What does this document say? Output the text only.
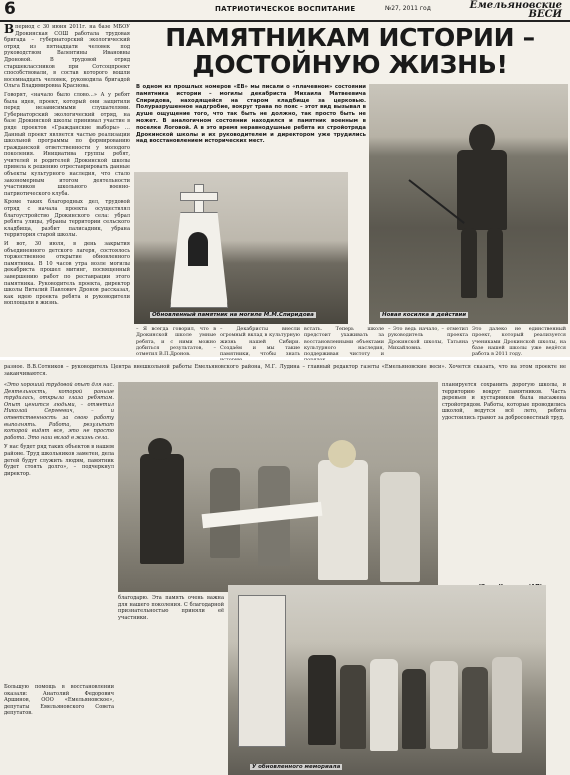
6	ПАТРИОТИЧЕСКОЕ ВОСПИТАНИЕ	№27, 2011 год	Емельяновские
ВЕСИ

Впериод с 30 июня 2011г. на базе МБОУ Дрокинская СОШ работала трудовая бригада – губернаторский экологический отряд из пятнадцати человек под руководством Валентины Ивановны Дроновой. В трудовой отряд старшеклассников при Сотсоцпроект способствовали, в состав которого вошли восемнадцать человек, руководила бригадой Ольга Владимировна Краснова.

Говорят, «начало было слово…» А у ребят была идея, проект, который они защитили перед независимыми слушателями. Губернаторский экологический отряд, на базе Дрокинской школы принимал участие в ряде проектов «Гражданские выборы» …Данный проект является частью реализации школьной программы по формированию гражданской ответственности у молодого поколения. Инициатива группы ребят, учителей и родителей Дрокинской школы привела к решению отреставрировать данные объекты культурного наследия, что стало закономерным итогом деятельности участников школьного военно-патриотического клуба.

Кроме таких благородных дел, трудовой отряд с начала проекта осуществлял благоустройство Дрокинского села: убрал ребята улицы, убраны территории сельского кладбища, разбит палисадник, убрана территория старой школы.

И вот, 30 июля, в день закрытия объединенного детского лагеря, состоялось торжественное открытие обновленного памятника. В 10 часов утра возле могилы декабриста прошел митинг, посвященный завершению работ по реставрации этого памятника. Руководитель проекта, директор школы Виталий Павлович Дронов рассказал, как идею проекта ребята и руководители воплощали в жизнь.

ПАМЯТНИКАМ ИСТОРИИ – ДОСТОЙНУЮ ЖИЗНЬ!

В одном из прошлых номеров «ЕВ» мы писали о «плачевном» состоянии памятника истории – могилы декабриста Михаила Матвеевича Спиридова, находящейся на старом кладбище за церковью. Полуразрушенное надгробие, вокруг трава по пояс – этот вид вызывал в душе ощущение того, что так быть не должно, так просто быть не может. В аналогичном состоянии находился и памятник военным в поселке Логовой. А в это время неравнодушные ребята из стройотряда Дрокинской школы и их руководителем и директором уже трудились над восстановлением исторических мест.

Обновленный памятник на могиле М.М.Спиридова	Новая косилка в действии

– Я всегда говорил, что в Дрокинской школе умные ребята, и с ними можно добиться результатов, – отметил В.П.Дронов.

– Декабристы внесли огромный вклад в культурную жизнь нашей Сибири. Создаём и мы такие памятники, чтобы знать

встать. Теперь школе предстоит ухаживать за восстановленными объектами культурного наследия, поддерживая чистоту и

– Это ведь начало, – отметил руководитель проекта Дрокинской школы, Татьяна Михайловна.

Это далеко не единственный проект, который реализуется учениками Дрокинской школы, на базе нашей школы уже ведётся работа в 2011 году.

разное. В.В.Сотников – руководитель Центра внешкольной работы Емельяновского района, М.Г. Лудина – главный редактор газеты «Емельяновские веси». Хочется сказать, что на этом проекте не заканчиваются.

«Это хороший трудовой опыт для нас. Деятельность, которой раньше трудилась, открыла глаза ребятам. Опыт ценится людьми, – отметил Николай Сергеевич, – и ответственность за свою работу выполнять. Работа, результат которой видят все, это не просто работа. Это наш вклад в жизнь села.

У нас будет ряд таких объектов в нашем районе. Труд школьников заметен, дела детей будут служить людям, памятник будет стоять долго», – подчеркнул директор.

Большую помощь в восстановлении оказали: Анатолий Федорович Аршинов, ООО «Емельяновское», депутаты Емельяновского Совета депутатов.

планируется сохранить дорогую школы, и территорию вокруг памятников. Часть деревьев и кустарников была высажена стройотрядом. Работы, которые проводились школой, ведутся всё лето, ребята удостоились грамот за добросовестный труд.

благодарю. Эта память очень важна для нашего поколения. С благодарной признательностью приняли её участники.

У обновленного мемориала
